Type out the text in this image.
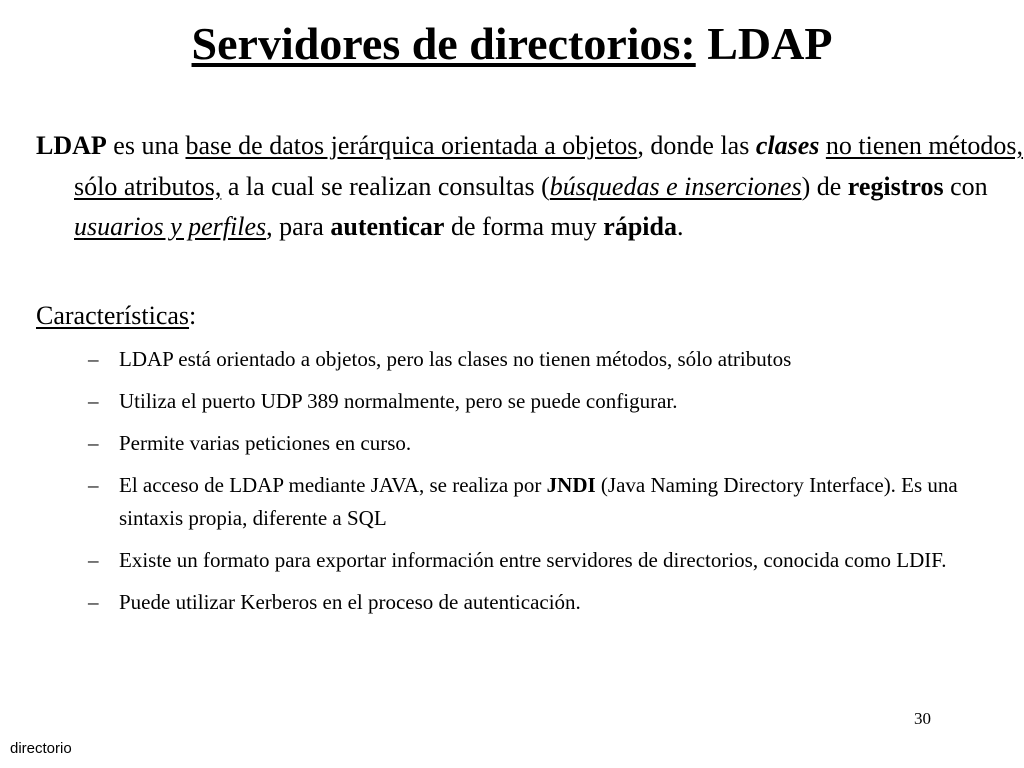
Servidores de directorios: LDAP

LDAP es una base de datos jerárquica orientada a objetos, donde las clases no tienen métodos, sólo atributos, a la cual se realizan consultas (búsquedas e inserciones) de registros con usuarios y perfiles, para autenticar de forma muy rápida.

Características:

– LDAP está orientado a objetos, pero las clases no tienen métodos, sólo atributos
– Utiliza el puerto UDP 389 normalmente, pero se puede configurar.
– Permite varias peticiones en curso.
– El acceso de LDAP mediante JAVA, se realiza por JNDI (Java Naming Directory Interface). Es una sintaxis propia, diferente a SQL
– Existe un formato para exportar información entre servidores de directorios, conocida como LDIF.
– Puede utilizar Kerberos en el proceso de autenticación.
30
directorio
